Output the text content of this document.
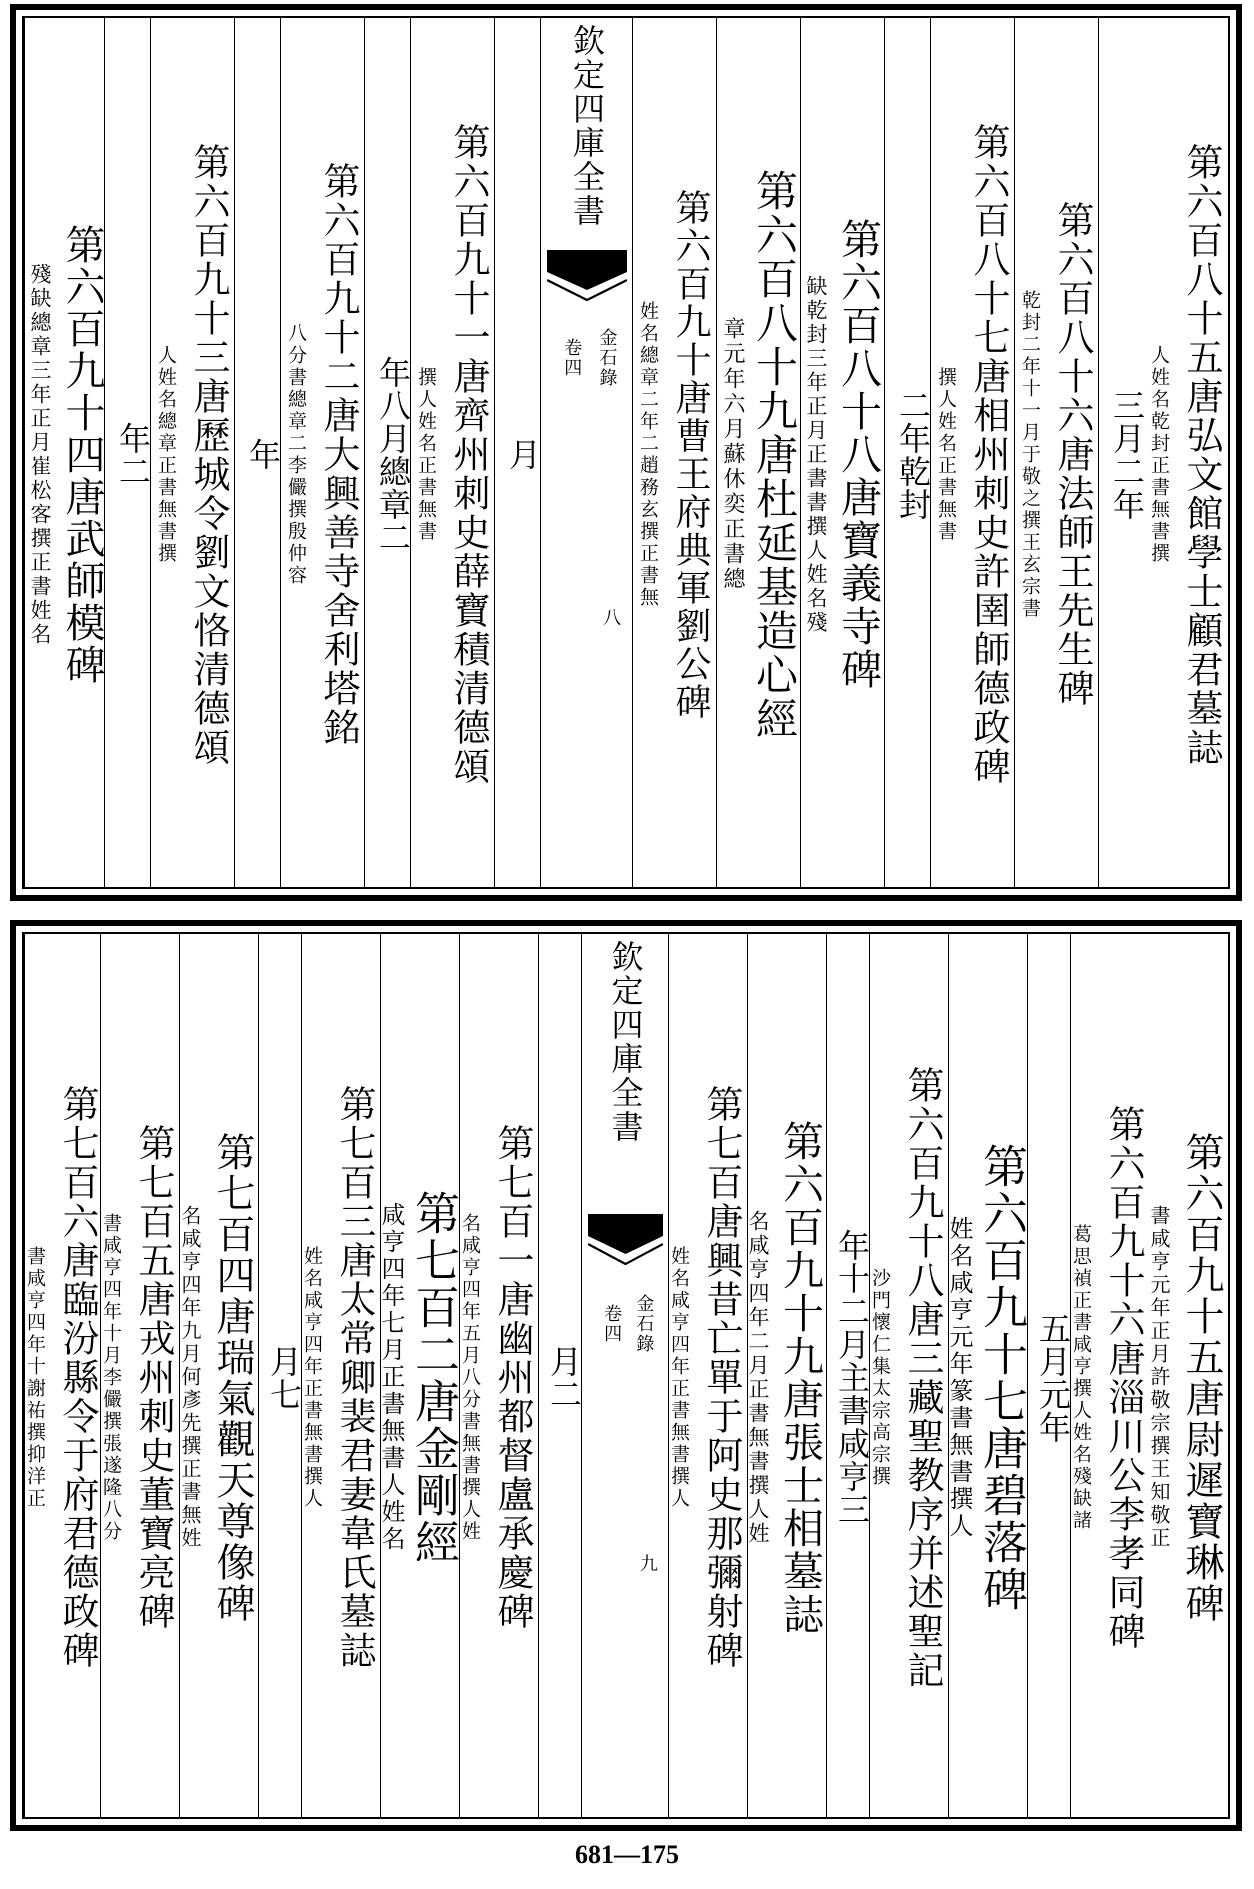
第六百八十五唐弘文館學士顧君墓誌
正書無書撰
人姓名乾封
二年
三月
第六百八十六唐法師王先生碑
于敬之撰王玄宗書
乾封二年十一月
第六百八十七唐相州刺史許圉師德政碑
正書無書
撰人姓名
乾封
二年
第六百八十八唐寶義寺碑
正書書撰人姓名殘
缺乾封三年正月
第六百八十九唐杜延基造心經
蘇休奕正書總
章元年六月
第六百九十唐曹王府典軍劉公碑
趙務玄撰正書無
姓名總章二年二
欽定四庫全書
金石錄
卷四
八
月
第六百九十一唐齊州刺史薛寶積清德頌
正書無書
撰人姓名
總章二
年八月
第六百九十二唐大興善寺舍利塔銘
李儼撰殷仲容
八分書總章二
年
第六百九十三唐歷城令劉文恪清德頌
正書無書撰
人姓名總章
二
年
第六百九十四唐武師模碑
崔松客撰正書姓名
殘缺總章三年正月
第六百九十五唐尉遲寶琳碑
許敬宗撰王知敬正
書咸亨元年正月
第六百九十六唐淄川公李孝同碑
撰人姓名殘缺諸
葛思禎正書咸亨
元年
五月
第六百九十七唐碧落碑
篆書無書撰人
姓名咸亨元年
第六百九十八唐三藏聖教序并述聖記
太宗高宗撰
沙門懷仁集
主書咸亨三
年十二月
第六百九十九唐張士相墓誌
正書無書撰人姓
名咸亨四年二月
第七百唐興昔亡單于阿史那彌射碑
正書無書撰人
姓名咸亨四年
欽定四庫全書
金石錄
卷四
九
二
月
第七百一唐幽州都督盧承慶碑
八分書無書撰人姓
名咸亨四年五月
第七百二唐金剛經
正書無書人姓名
咸亨四年七月
第七百三唐太常卿裴君妻韋氏墓誌
正書無書撰人
姓名咸亨四年
七
月
第七百四唐瑞氣觀天尊像碑
何彥先撰正書無姓
名咸亨四年九月
第七百五唐戎州刺史董寶亮碑
李儼撰張遂隆八分
書咸亨四年十月
第七百六唐臨汾縣令于府君德政碑
謝祐撰抑洋正
書咸亨四年十
681—175
